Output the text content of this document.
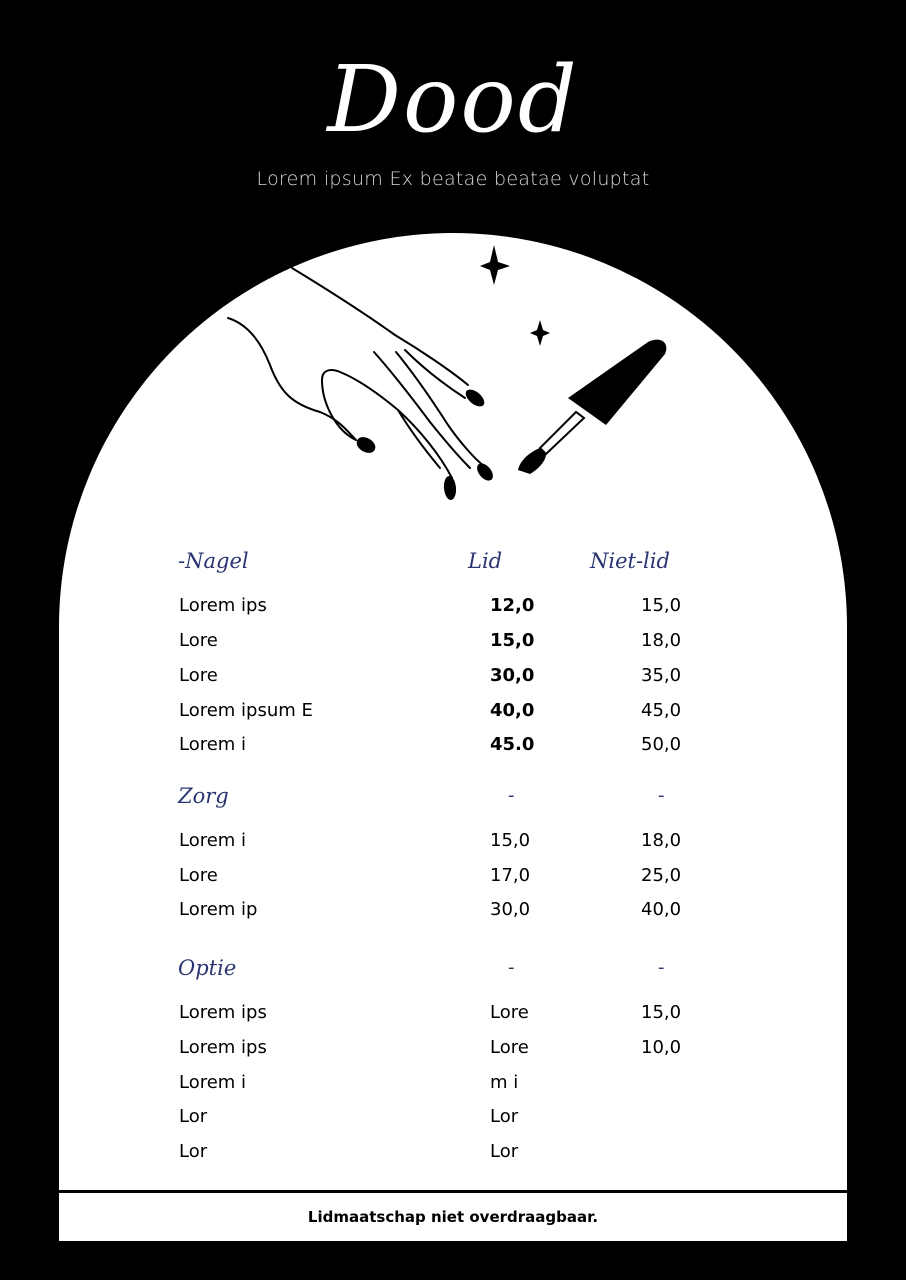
Dood
Lorem ipsum Ex beatae beatae voluptat
-Nagel	Lid	Niet-lid
Lorem ips	12,0	15,0
Lore	15,0	18,0
Lore	30,0	35,0
Lorem ipsum E	40,0	45,0
Lorem i	45.0	50,0
Zorg	-	-
Lorem i	15,0	18,0
Lore	17,0	25,0
Lorem ip	30,0	40,0
Optie	-	-
Lorem ips	Lore	15,0
Lorem ips	Lore	10,0
Lorem i	m i
Lor	Lor
Lor	Lor
Lidmaatschap niet overdraagbaar.
